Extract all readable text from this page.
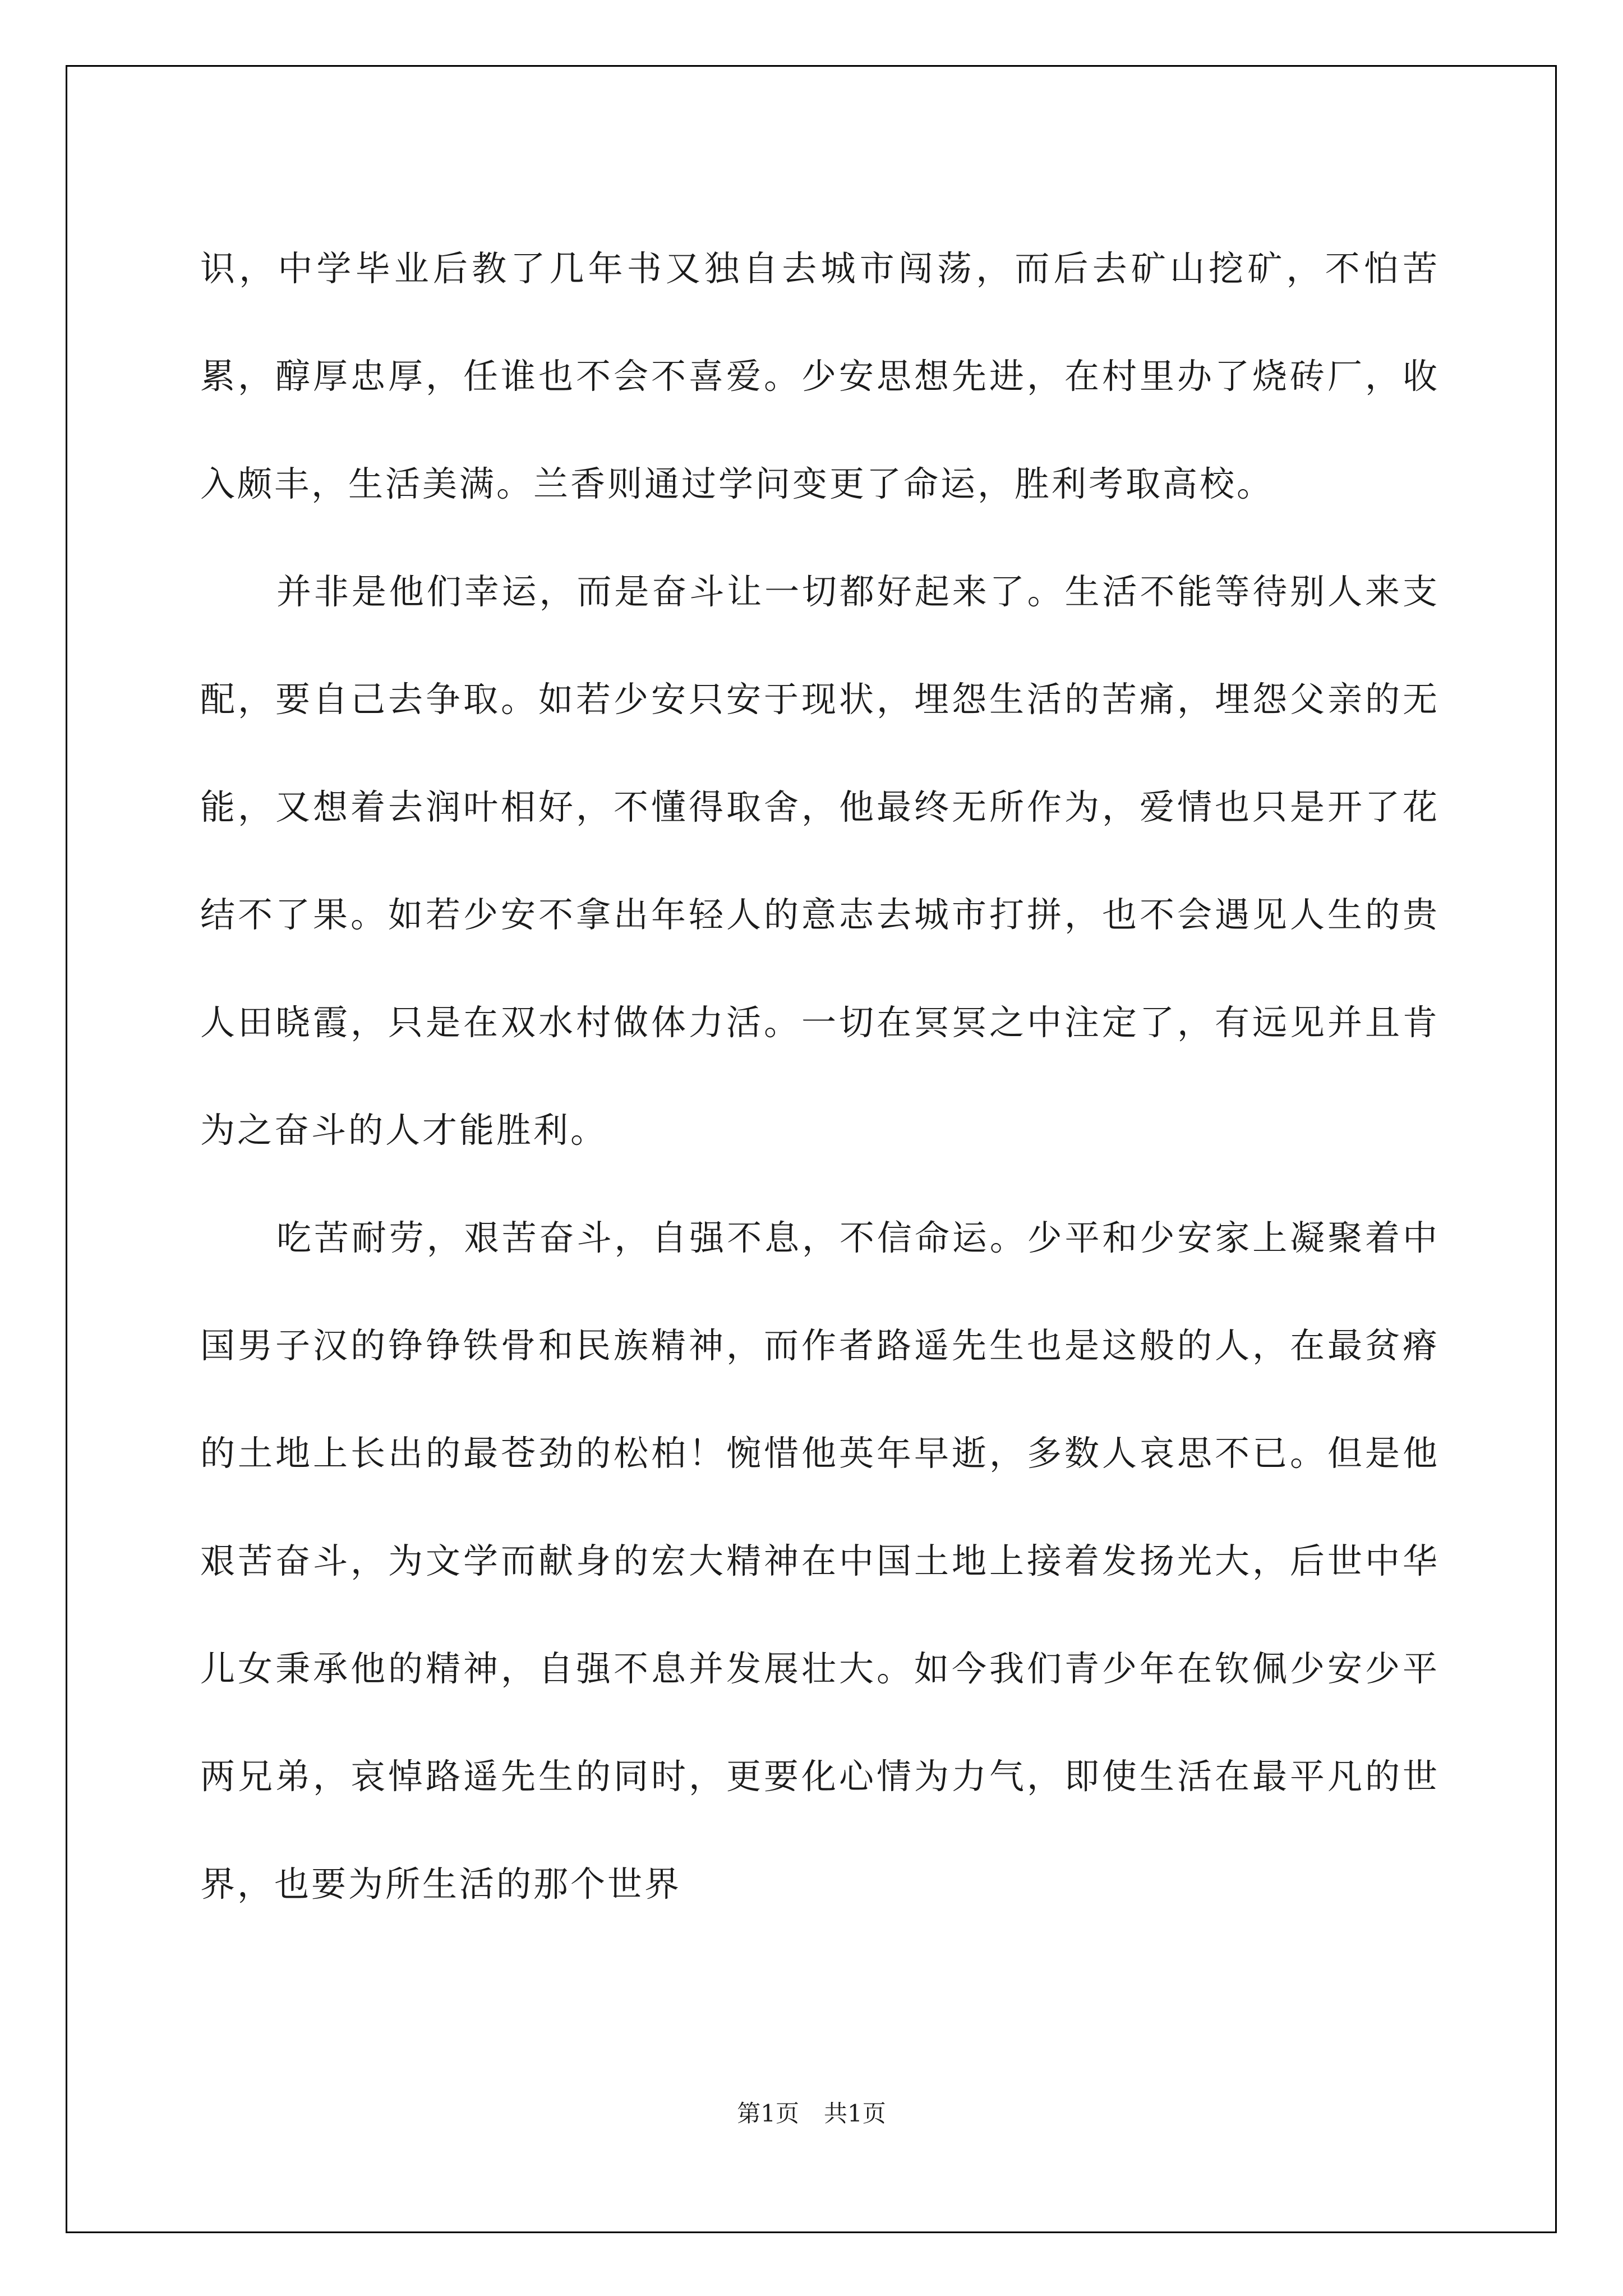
识，中学毕业后教了几年书又独自去城市闯荡，而后去矿山挖矿，不怕苦累，醇厚忠厚，任谁也不会不喜爱。少安思想先进，在村里办了烧砖厂，收入颇丰，生活美满。兰香则通过学问变更了命运，胜利考取高校。

并非是他们幸运，而是奋斗让一切都好起来了。生活不能等待别人来支配，要自己去争取。如若少安只安于现状，埋怨生活的苦痛，埋怨父亲的无能，又想着去润叶相好，不懂得取舍，他最终无所作为，爱情也只是开了花结不了果。如若少安不拿出年轻人的意志去城市打拼，也不会遇见人生的贵人田晓霞，只是在双水村做体力活。一切在冥冥之中注定了，有远见并且肯为之奋斗的人才能胜利。

吃苦耐劳，艰苦奋斗，自强不息，不信命运。少平和少安家上凝聚着中国男子汉的铮铮铁骨和民族精神，而作者路遥先生也是这般的人，在最贫瘠的土地上长出的最苍劲的松柏！惋惜他英年早逝，多数人哀思不已。但是他艰苦奋斗，为文学而献身的宏大精神在中国土地上接着发扬光大，后世中华儿女秉承他的精神，自强不息并发展壮大。如今我们青少年在钦佩少安少平两兄弟，哀悼路遥先生的同时，更要化心情为力气，即使生活在最平凡的世界，也要为所生活的那个世界

第1页 共1页
